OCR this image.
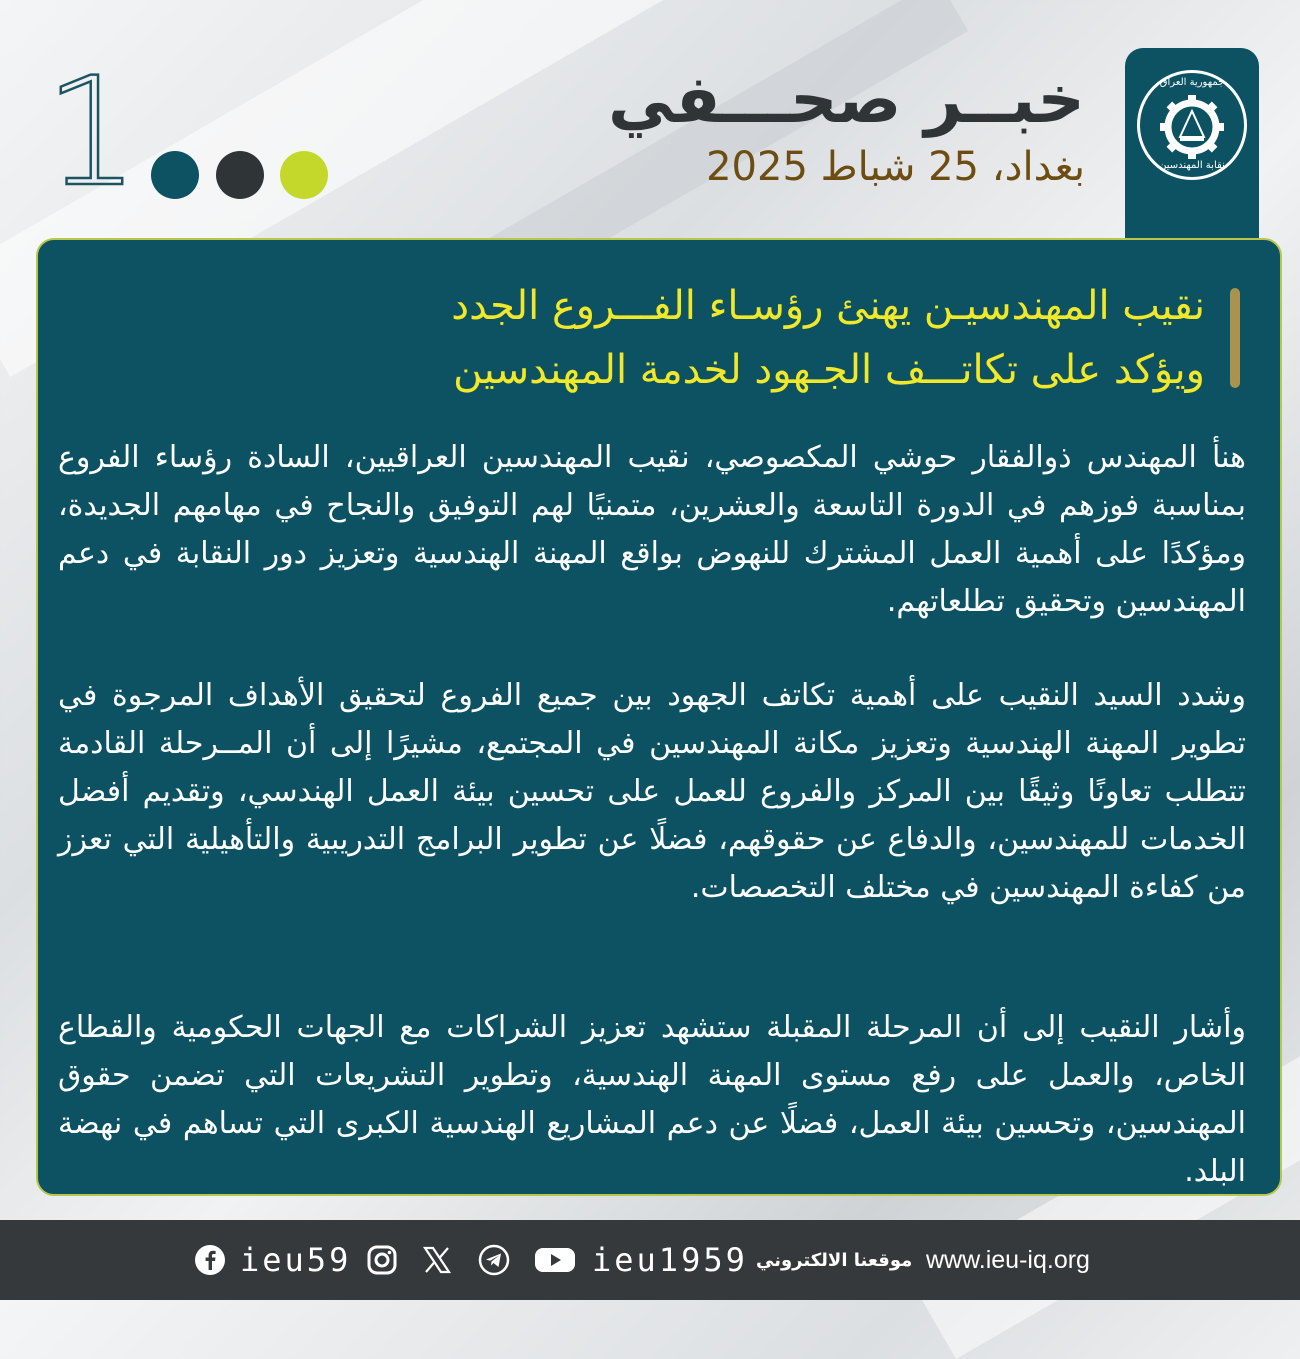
1	خبــر صحـــفي
بغداد، 25 شباط 2025
جمهورية العراق
نقابة المهندسين
نقيب المهندسيـن يهنئ رؤسـاء الفـــروع الجدد
ويؤكد على تكاتـــف الجـهود لخدمة المهندسين
هنأ المهندس ذوالفقار حوشي المكصوصي، نقيب المهندسين العراقيين، السادة رؤساء الفروع بمناسبة فوزهم في الدورة التاسعة والعشرين، متمنيًا لهم التوفيق والنجاح في مهامهم الجديدة، ومؤكدًا على أهمية العمل المشترك للنهوض بواقع المهنة الهندسية وتعزيز دور النقابة في دعم المهندسين وتحقيق تطلعاتهم.
وشدد السيد النقيب على أهمية تكاتف الجهود بين جميع الفروع لتحقيق الأهداف المرجوة في تطوير المهنة الهندسية وتعزيز مكانة المهندسين في المجتمع، مشيرًا إلى أن المــرحلة القادمة تتطلب تعاونًا وثيقًا بين المركز والفروع للعمل على تحسين بيئة العمل الهندسي، وتقديم أفضل الخدمات للمهندسين، والدفاع عن حقوقهم، فضلًا عن تطوير البرامج التدريبية والتأهيلية التي تعزز من كفاءة المهندسين في مختلف التخصصات.
وأشار النقيب إلى أن المرحلة المقبلة ستشهد تعزيز الشراكات مع الجهات الحكومية والقطاع الخاص، والعمل على رفع مستوى المهنة الهندسية، وتطوير التشريعات التي تضمن حقوق المهندسين، وتحسين بيئة العمل، فضلًا عن دعم المشاريع الهندسية الكبرى التي تساهم في نهضة البلد.
ieu59	ieu1959 موقعنا الالكتروني www.ieu-iq.org
